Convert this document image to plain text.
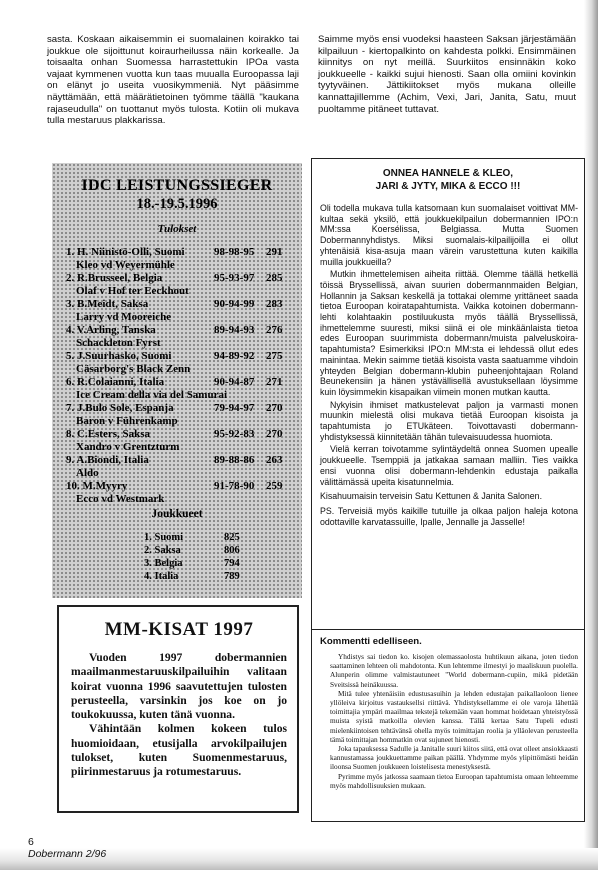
sasta. Koskaan aikaisemmin ei suomalainen koirakko tai joukkue ole sijoittunut koiraurheilussa näin korkealle. Ja toisaalta onhan Suomessa harrastettukin IPOa vasta vajaat kymmenen vuotta kun taas muualla Euroopassa laji on elänyt jo useita vuosikymmeniä. Nyt pääsimme näyttämään, että määrätietoinen työmme täällä "kaukana rajaseudulla" on tuottanut myös tulosta. Kotiin oli mukava tulla mestaruus plakkarissa.

Saimme myös ensi vuodeksi haasteen Saksan järjestämään kilpailuun - kiertopalkinto on kahdesta polkki. Ensimmäinen kiinnitys on nyt meillä. Suurkiitos ensinnäkin koko joukkueelle - kaikki sujui hienosti. Saan olla omiini kovinkin tyytyväinen. Jättikiitokset myös mukana olleille kannattajillemme (Achim, Vexi, Jari, Janita, Satu, muut puoltamme pitäneet tuttavat.

IDC LEISTUNGSSIEGER
18.-19.5.1996
Tulokset
1. H. Niinistö-Olli, Suomi
Kleo vd Weyermühle
98-98-95 291
2. R.Brusseel, Belgia
Olaf v Hof ter Eeckhout
95-93-97 285
3. B.Meidt, Saksa
Larry vd Mooreiche
90-94-99 283
4. V.Arling, Tanska
Schackleton Fyrst
89-94-93 276
5. J.Suurhasko, Suomi
Cäsarborg's Black Zenn
94-89-92 275
6. R.Colaianni, Italia
Ice Cream della via del Samurai
90-94-87 271
7. J.Bulo Sole, Espanja
Baron v Führenkamp
79-94-97 270
8. C.Esters, Saksa
Xandro v Grentzturm
95-92-83 270
9. A.Biondi, Italia
Aldo
89-88-86 263
10. M.Myyry
Ecco vd Westmark
91-78-90 259
Joukkueet
1. Suomi	825
2. Saksa	806
3. Belgia	794
4. Italia	789
MM-KISAT 1997

Vuoden 1997 dobermannien maailmanmestaruuskilpailuihin valitaan koirat vuonna 1996 saavutettujen tulosten perusteella, varsinkin jos koe on jo toukokuussa, kuten tänä vuonna.

Vähintään kolmen kokeen tulos huomioidaan, etusijalla arvokilpailujen tulokset, kuten Suomenmestaruus, piirinmestaruus ja rotumestaruus.

ONNEA HANNELE & KLEO,
JARI & JYTY, MIKA & ECCO !!!

Oli todella mukava tulla katsomaan kun suomalaiset voittivat MM-kultaa sekä yksilö, että joukkuekilpailun dobermannien IPO:n MM:ssa Koersélissa, Belgiassa. Mutta Suomen Dobermannyhdistys. Miksi suomalais-kilpailijoilla ei ollut yhtenäisiä kisa-asuja maan värein varustettuna kuten kaikilla muilla joukkueilla?

Mutkin ihmettelemisen aiheita riittää. Olemme täällä hetkellä töissä Bryssellissä, aivan suurien dobermannmaiden Belgian, Hollannin ja Saksan keskellä ja tottakai olemme yrittäneet saada tietoa Euroopan koiratapahtumista. Vaikka kotoinen dobermann-lehti kolahtaakin postiluukusta myös täällä Bryssellissä, ihmettelemme suuresti, miksi siinä ei ole minkäänlaista tietoa edes Euroopan suurimmista dobermann/muista palveluskoira-tapahtumista? Esimerkiksi IPO:n MM:sta ei lehdessä ollut edes mainintaa. Mekin saimme tietää kisoista vasta saatuamme vihdoin yhteyden Belgian dobermann-klubin puheenjohtajaan Roland Beunekensiin ja hänen ystävällisellä avustuksellaan löysimme kuin löysimmekin kisapaikan viimein monen mutkan kautta.

Nykyisin ihmiset matkustelevat paljon ja varmasti monen muunkin mielestä olisi mukava tietää Euroopan kisoista ja tapahtumista jo ETUkäteen. Toivottavasti dobermann-yhdistyksessä kiinnitetään tähän tulevaisuudessa huomiota.

Vielä kerran toivotamme sylintäydeltä onnea Suomen upealle joukkueelle. Tsemppiä ja jatkakaa samaan malliin. Ties vaikka ensi vuonna olisi dobermann-lehdenkin edustaja paikalla välittämässä upeita kisatunnelmia.

Kisahuumaisin terveisin Satu Kettunen & Janita Salonen.

PS. Terveisiä myös kaikille tutuille ja olkaa paljon haleja kotona odottaville karvatassuille, Ipalle, Jennalle ja Jasselle!

Kommentti edelliseen.

Yhdistys sai tiedon ko. kisojen olemassaolosta huhtikuun aikana, joten tiedon saattaminen lehteen oli mahdotonta. Kun lehtemme ilmestyi jo maaliskuun puolella. Alunperin olimme valmistautuneet "World dobermann-cupiin, mikä pidetään Sveitsissä heinäkuussa.

Mitä tulee yhtenäisiin edustusasuihin ja lehden edustajan paikallaoloon lienee yllöleiva kirjoitus vastauksellsi riittävä. Yhdistyksellamme ei ole varoja lähettää toimittajia ympäri maailmaa tekstejä tekemään vaan hommat hoidetaan yhteistyössä muista syistä matkoilla olevien kanssa. Tällä kertaa Satu Tupeli edusti mielenkiintoisen tehtävänsä ohella myös toimittajan roolia ja ylläolevan perusteella tämä toimittajan hommatkin ovat sujuneet hienosti.

Joka tapauksessa Sadulle ja Janitalle suuri kiitos siitä, että ovat olleet ansiokkaasti kannustamassa joukkuettamme paikan päällä. Yhdymme myös ylipittömästi heidän iloonsa Suomen joukkueen loistelisesta menestyksestä.

Pyrimme myös jatkossa saamaan tietoa Euroopan tapahtumista omaan lehteemme myös mahdollisuuksien mukaan.

6
Dobermann 2/96
